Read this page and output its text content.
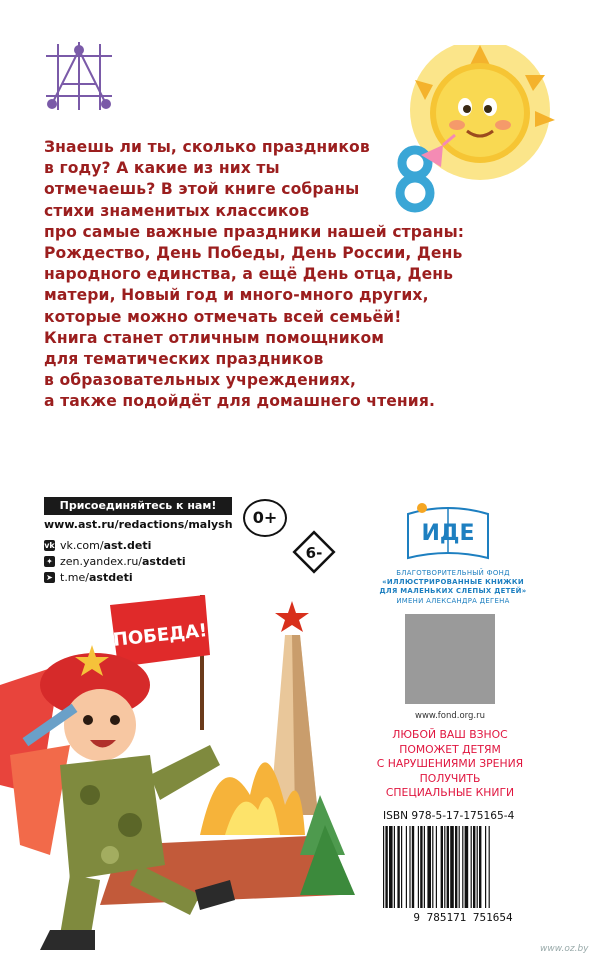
Знаешь ли ты, сколько праздников
в году? А какие из них ты
отмечаешь? В этой книге собраны
стихи знаменитых классиков
про самые важные праздники нашей страны:
Рождество, День Победы, День России, День
народного единства, а ещё День отца, День
матери, Новый год и много-много других,
которые можно отмечать всей семьёй!
Книга станет отличным помощником
для тематических праздников
в образовательных учреждениях,
а также подойдёт для домашнего чтения.
Присоединяйтесь к нам!
www.ast.ru/redactions/malysh
vk vk.com/ast.deti
✦ zen.yandex.ru/astdeti
➤ t.me/astdeti
0+
6-
ИДЕ
БЛАГОТВОРИТЕЛЬНЫЙ ФОНД
«ИЛЛЮСТРИРОВАННЫЕ КНИЖКИ
ДЛЯ МАЛЕНЬКИХ СЛЕПЫХ ДЕТЕЙ»
ИМЕНИ АЛЕКСАНДРА ДЕГЕНА
www.fond.org.ru
ЛЮБОЙ ВАШ ВЗНОС
ПОМОЖЕТ ДЕТЯМ
С НАРУШЕНИЯМИ ЗРЕНИЯ
ПОЛУЧИТЬ
СПЕЦИАЛЬНЫЕ КНИГИ
ISBN 978-5-17-175165-4
9 785171 751654
ПОБЕДА!
www.oz.by
